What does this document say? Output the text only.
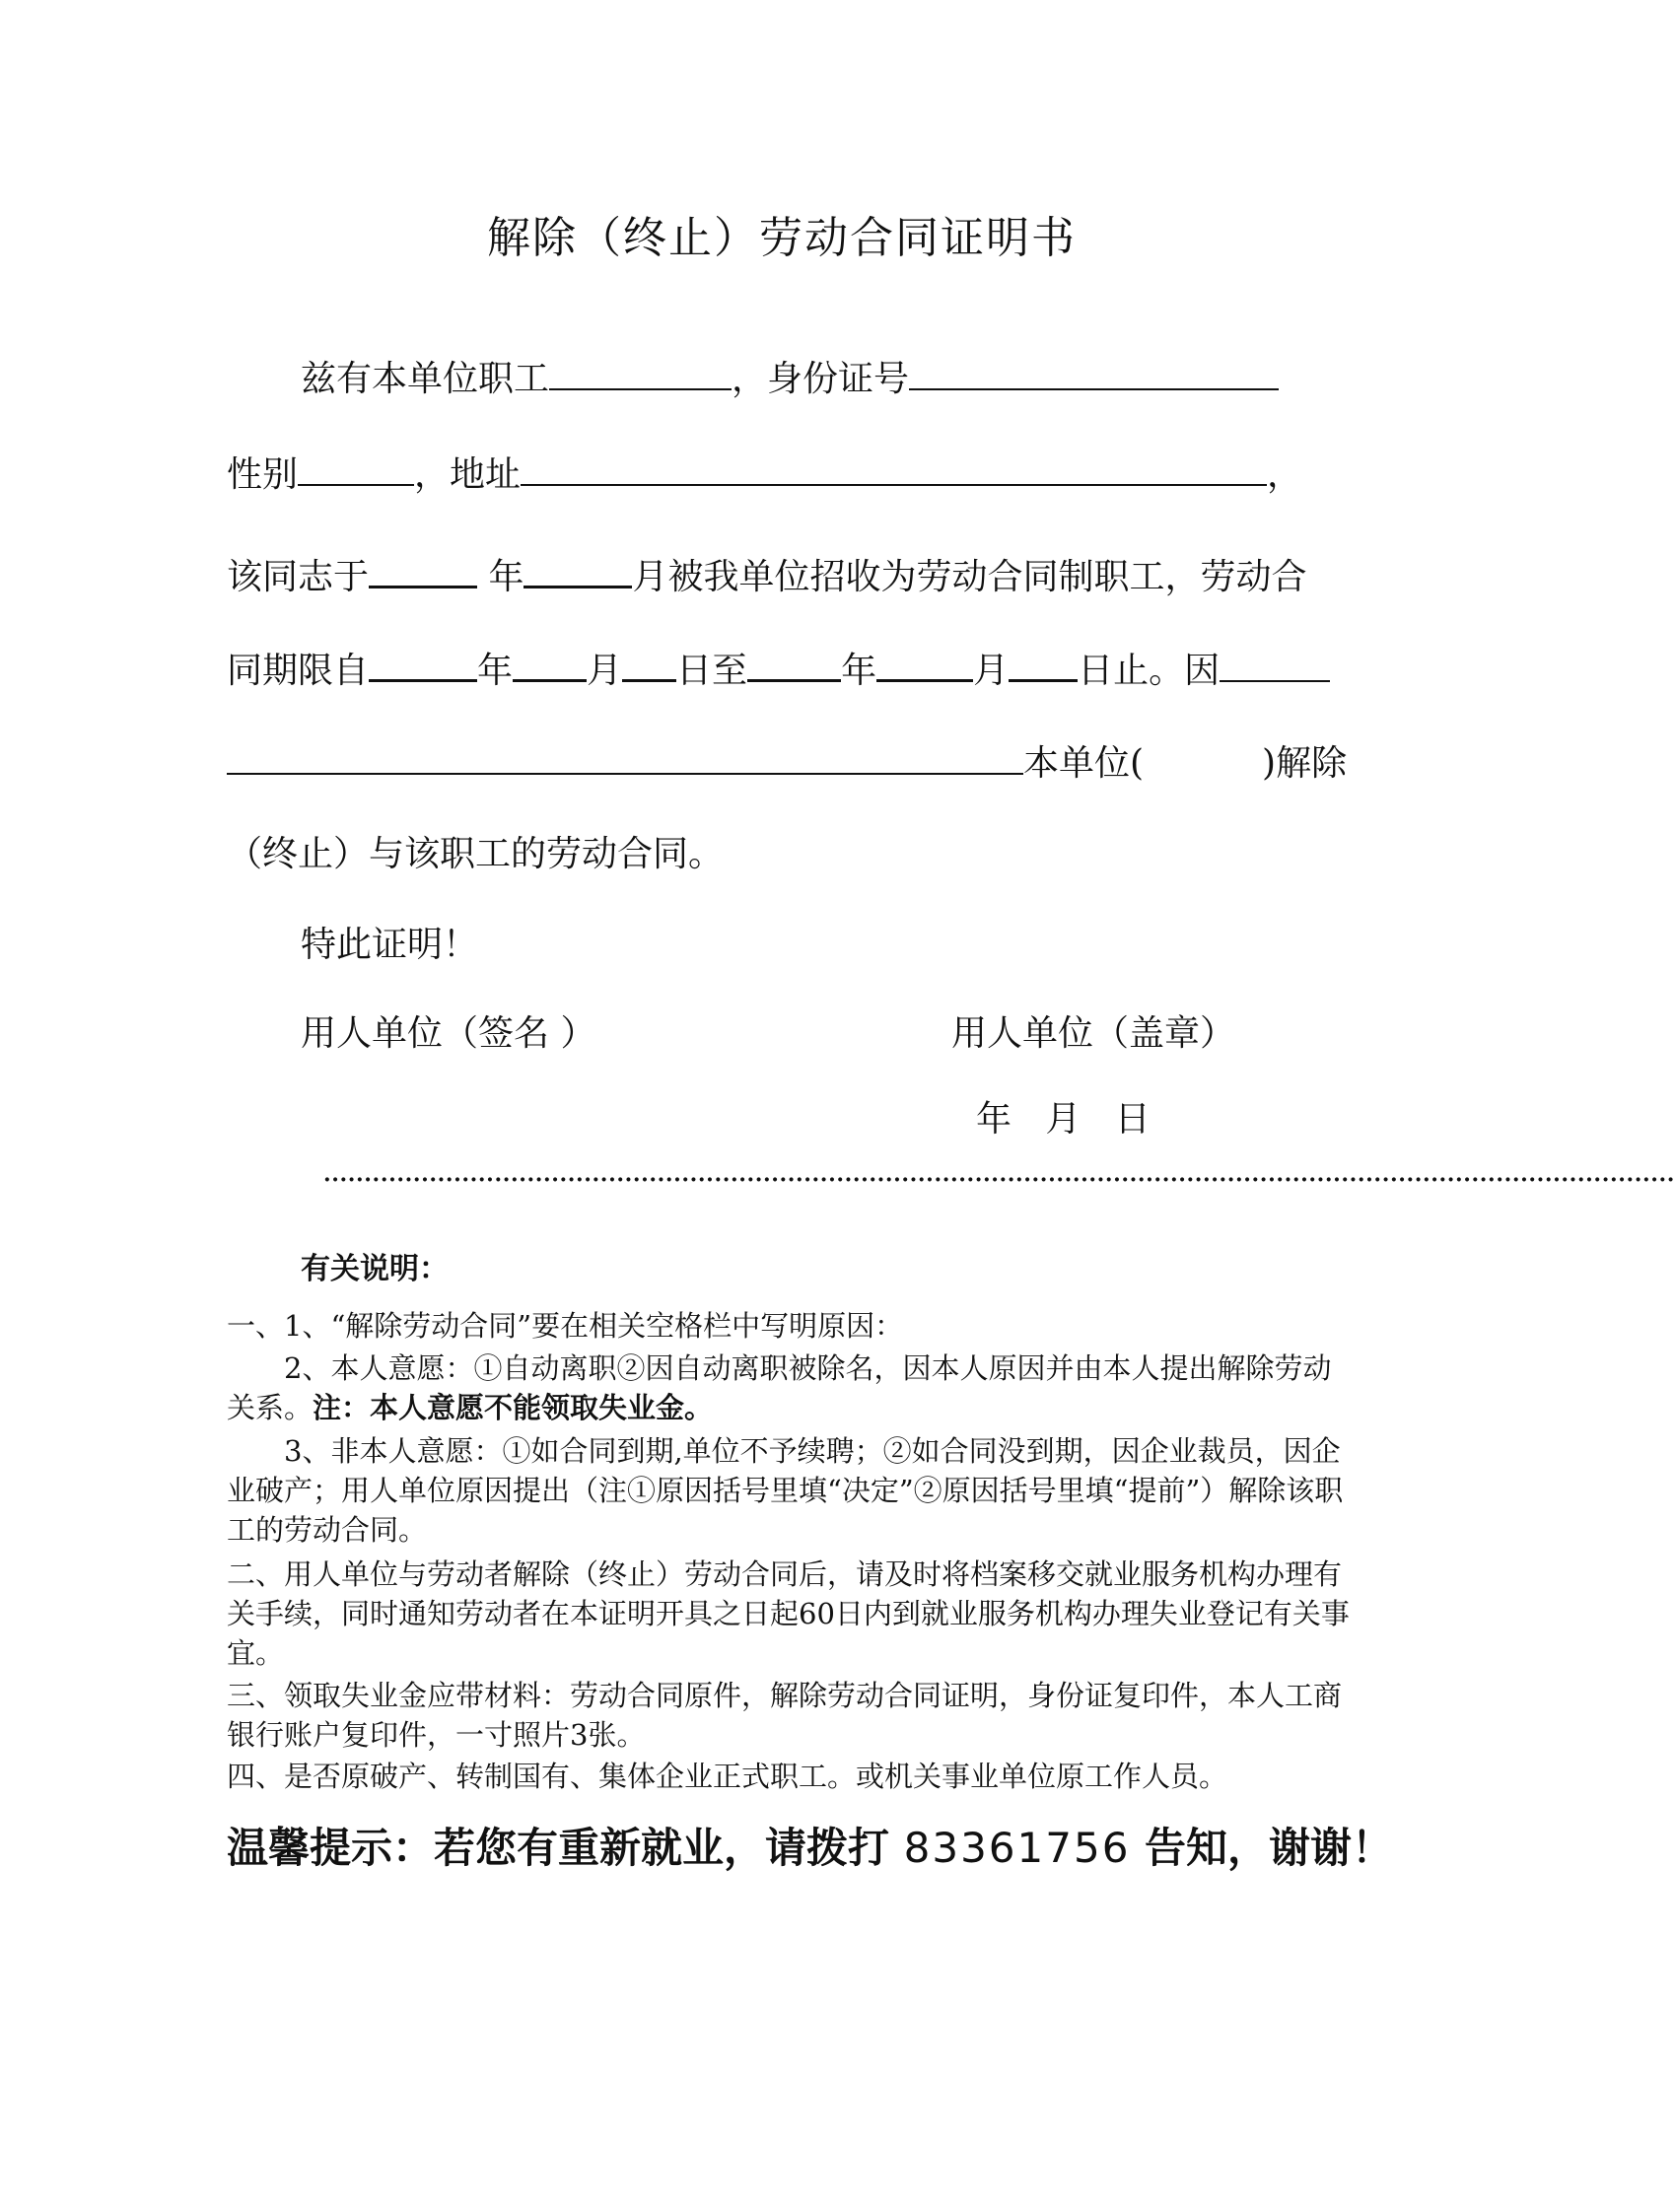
解除（终止）劳动合同证明书
兹有本单位职工	，身份证号
性别	，地址	，
该同志于	年	月被我单位招收为劳动合同制职工，劳动合
同期限自	年 月 日至	年	月 日止。因
本单位(	)解除
（终止）与该职工的劳动合同。
特此证明！
用人单位（签名 ）	用人单位（盖章）
年 月 日
······································································································································································
有关说明：
一、1、“解除劳动合同”要在相关空格栏中写明原因：
2、本人意愿：①自动离职②因自动离职被除名，因本人原因并由本人提出解除劳动关系。注：本人意愿不能领取失业金。
3、非本人意愿：①如合同到期,单位不予续聘；②如合同没到期，因企业裁员，因企业破产；用人单位原因提出（注①原因括号里填“决定”②原因括号里填“提前”）解除该职工的劳动合同。
二、用人单位与劳动者解除（终止）劳动合同后，请及时将档案移交就业服务机构办理有关手续，同时通知劳动者在本证明开具之日起60日内到就业服务机构办理失业登记有关事宜。
三、领取失业金应带材料：劳动合同原件，解除劳动合同证明，身份证复印件，本人工商银行账户复印件，一寸照片3张。
四、是否原破产、转制国有、集体企业正式职工。或机关事业单位原工作人员。
温馨提示：若您有重新就业，请拨打 83361756 告知，谢谢！
